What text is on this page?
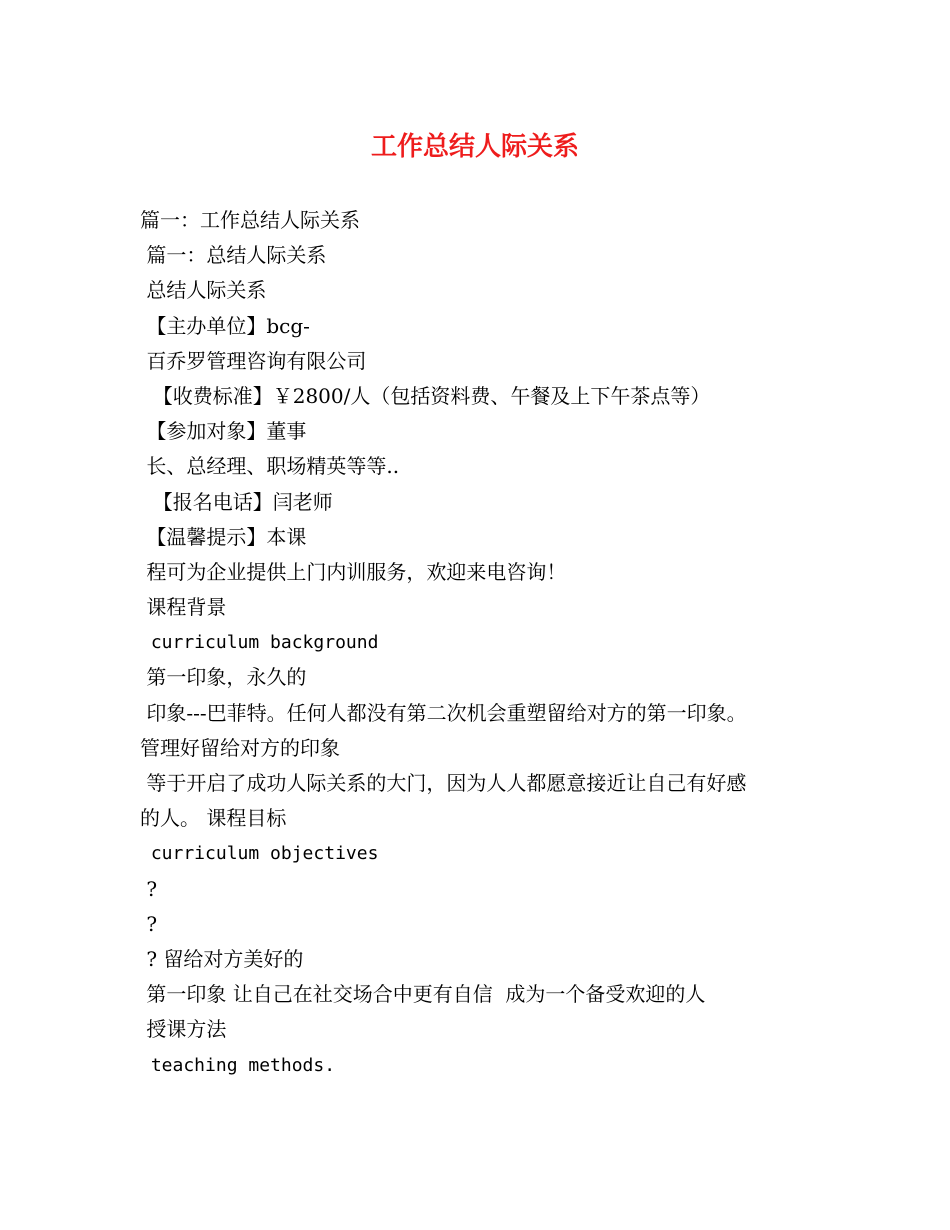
工作总结人际关系

篇一：工作总结人际关系

篇一：总结人际关系

总结人际关系

【主办单位】bcg-

百乔罗管理咨询有限公司

【收费标准】￥2800/人（包括资料费、午餐及上下午茶点等）

【参加对象】董事

长、总经理、职场精英等等..

【报名电话】闫老师

【温馨提示】本课

程可为企业提供上门内训服务，欢迎来电咨询！

课程背景

curriculum background

第一印象，永久的

印象---巴菲特。任何人都没有第二次机会重塑留给对方的第一印象。

管理好留给对方的印象

等于开启了成功人际关系的大门，因为人人都愿意接近让自己有好感

的人。 课程目标

curriculum objectives

?

?

? 留给对方美好的

第一印象 让自己在社交场合中更有自信  成为一个备受欢迎的人

授课方法

teaching methods.
